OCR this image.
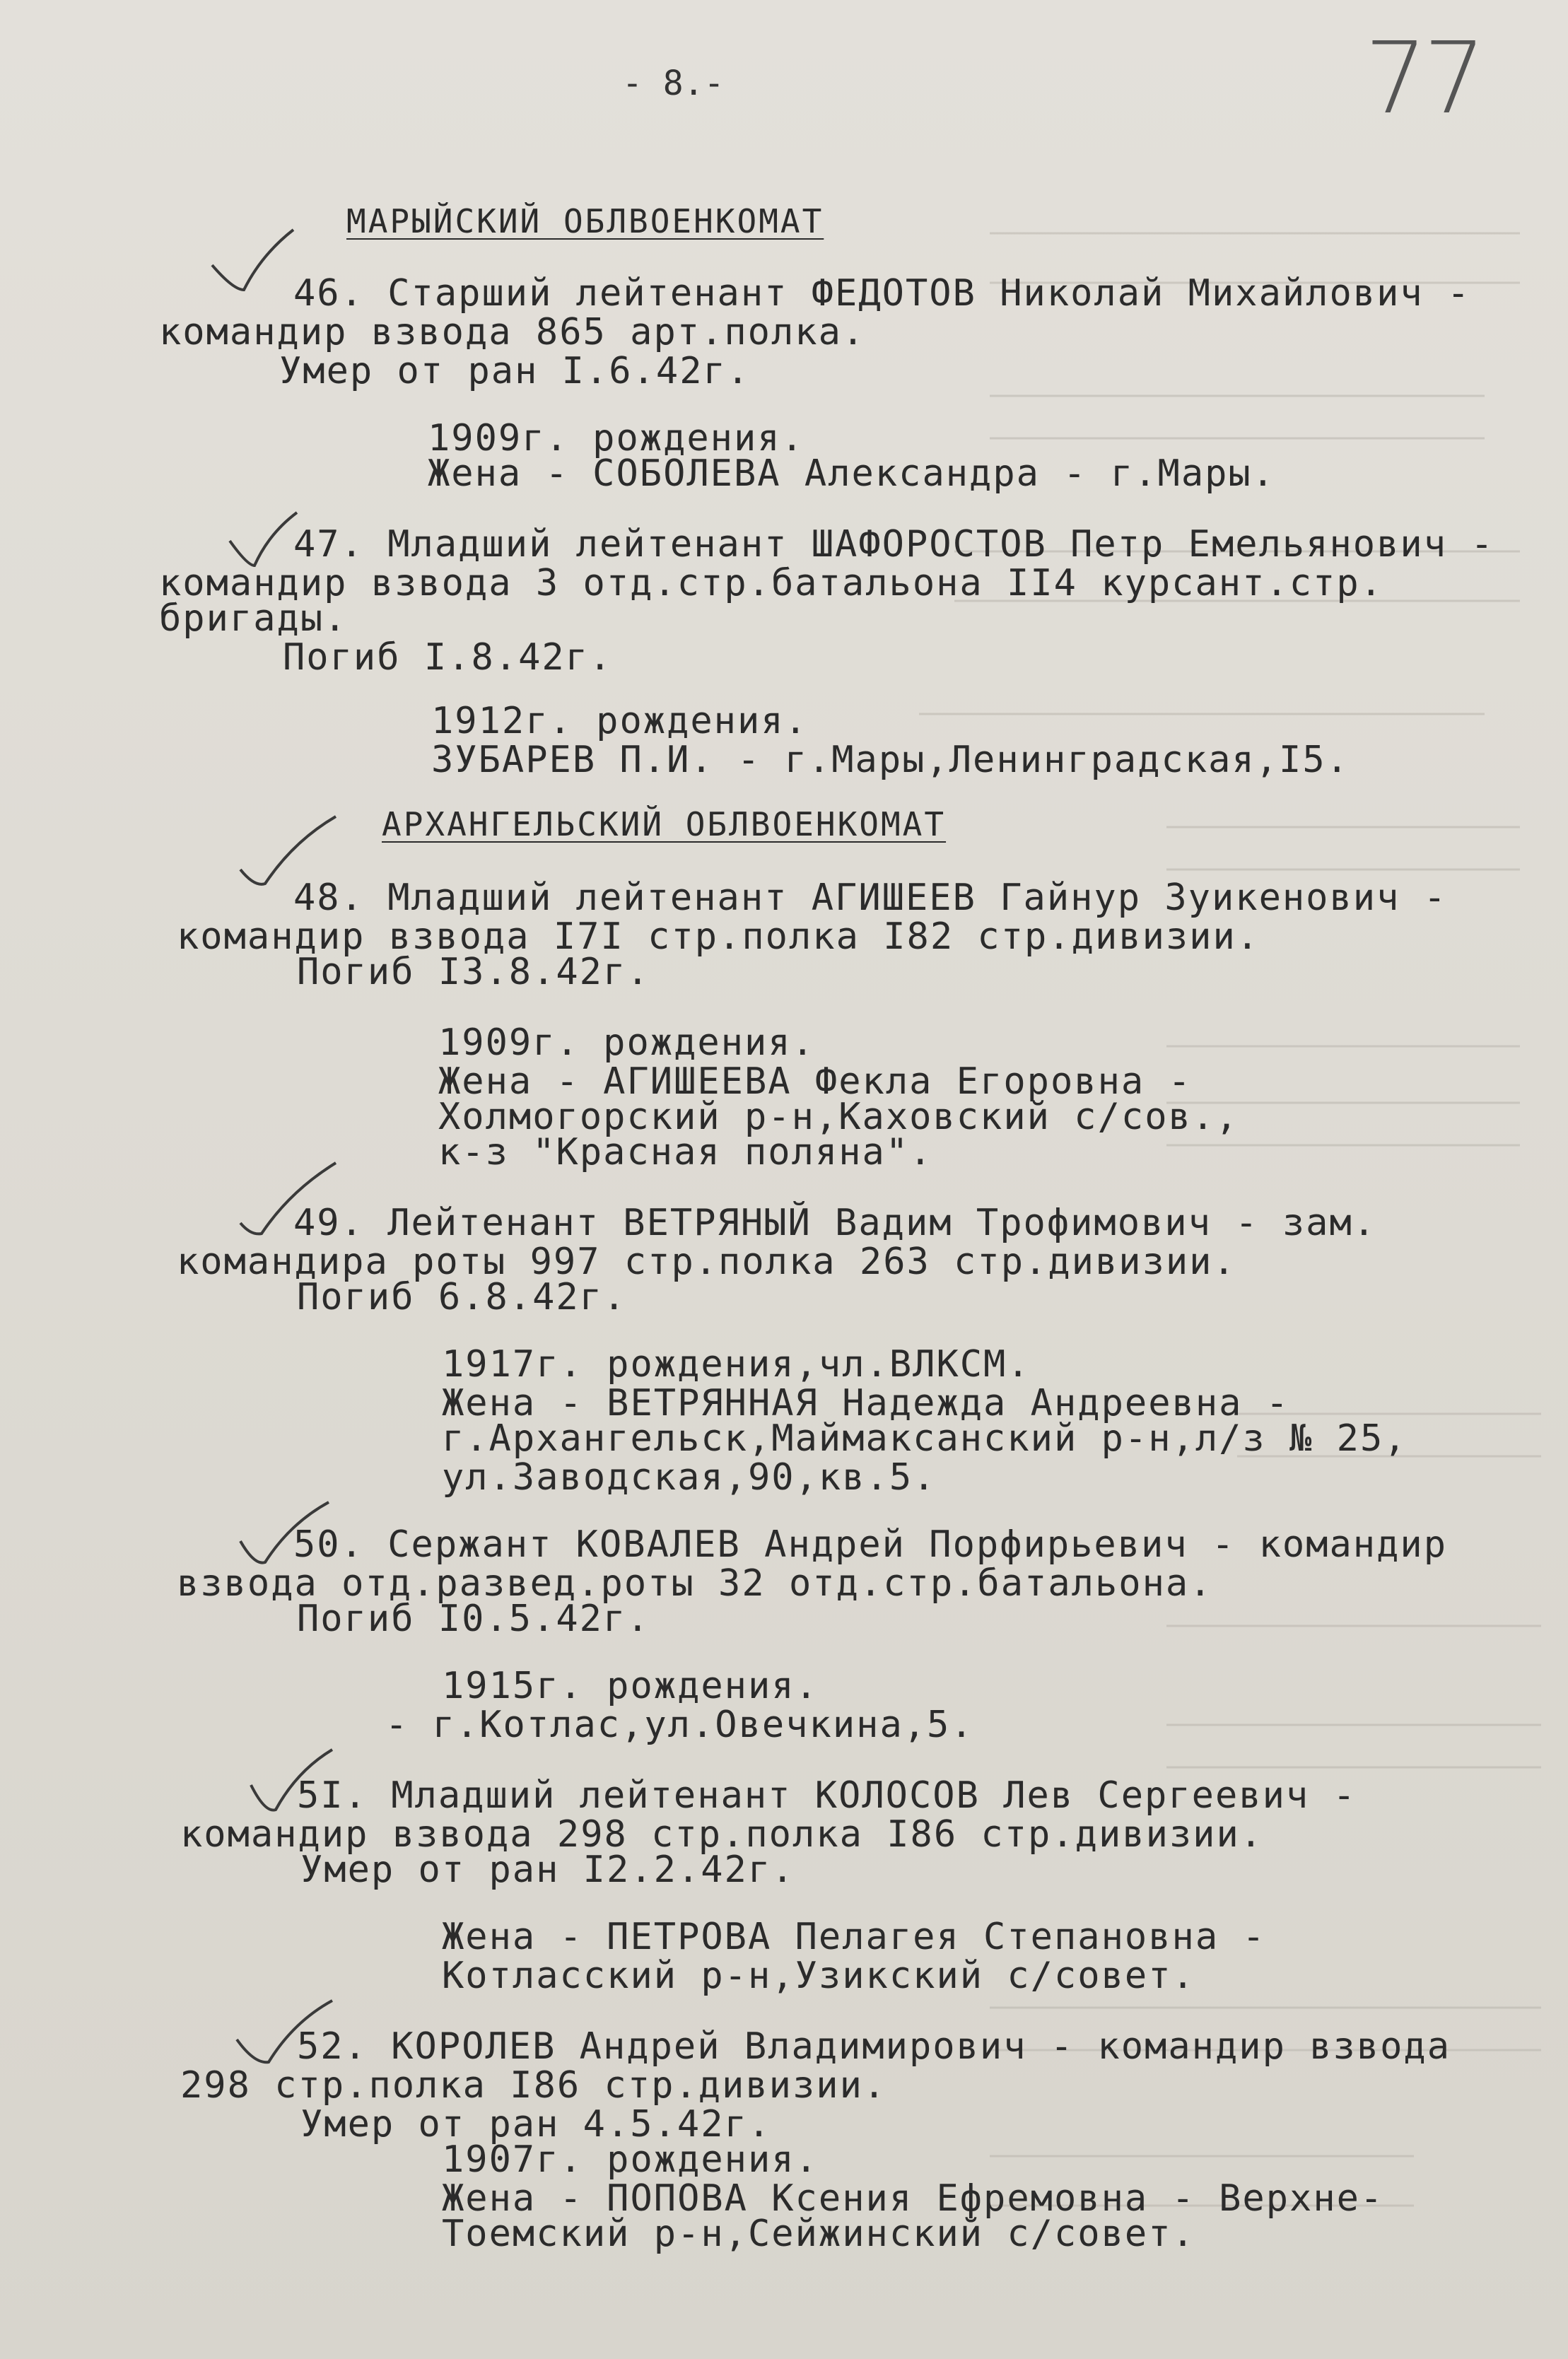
- 8.-	77
МАРЫЙСКИЙ ОБЛВОЕНКОМАТ
46. Старший лейтенант ФЕДОТОВ Николай Михайлович -
командир взвода 865 арт.полка.
Умер от ран I.6.42г.
1909г. рождения.
Жена - СОБОЛЕВА Александра - г.Мары.
47. Младший лейтенант ШАФОРОСТОВ Петр Емельянович -
командир взвода 3 отд.стр.батальона II4 курсант.стр.
бригады.
Погиб I.8.42г.
1912г. рождения.
ЗУБАРЕВ П.И. - г.Мары,Ленинградская,I5.
АРХАНГЕЛЬСКИЙ ОБЛВОЕНКОМАТ
48. Младший лейтенант АГИШЕЕВ Гайнур Зуикенович -
командир взвода I7I стр.полка I82 стр.дивизии.
Погиб I3.8.42г.
1909г. рождения.
Жена - АГИШЕЕВА Фекла Егоровна -
Холмогорский р-н,Каховский с/сов.,
к-з "Красная поляна".
49. Лейтенант ВЕТРЯНЫЙ Вадим Трофимович - зам.
командира роты 997 стр.полка 263 стр.дивизии.
Погиб 6.8.42г.
1917г. рождения,чл.ВЛКСМ.
Жена - ВЕТРЯННАЯ Надежда Андреевна -
г.Архангельск,Маймаксанский р-н,л/з № 25,
ул.Заводская,90,кв.5.
50. Сержант КОВАЛЕВ Андрей Порфирьевич - командир
взвода отд.развед.роты 32 отд.стр.батальона.
Погиб I0.5.42г.
1915г. рождения.
- г.Котлас,ул.Овечкина,5.
5I. Младший лейтенант КОЛОСОВ Лев Сергеевич -
командир взвода 298 стр.полка I86 стр.дивизии.
Умер от ран I2.2.42г.
Жена - ПЕТРОВА Пелагея Степановна -
Котласский р-н,Узикский с/совет.
52. КОРОЛЕВ Андрей Владимирович - командир взвода
298 стр.полка I86 стр.дивизии.
Умер от ран 4.5.42г.
1907г. рождения.
Жена - ПОПОВА Ксения Ефремовна - Верхне-
Тоемский р-н,Сейжинский с/совет.
